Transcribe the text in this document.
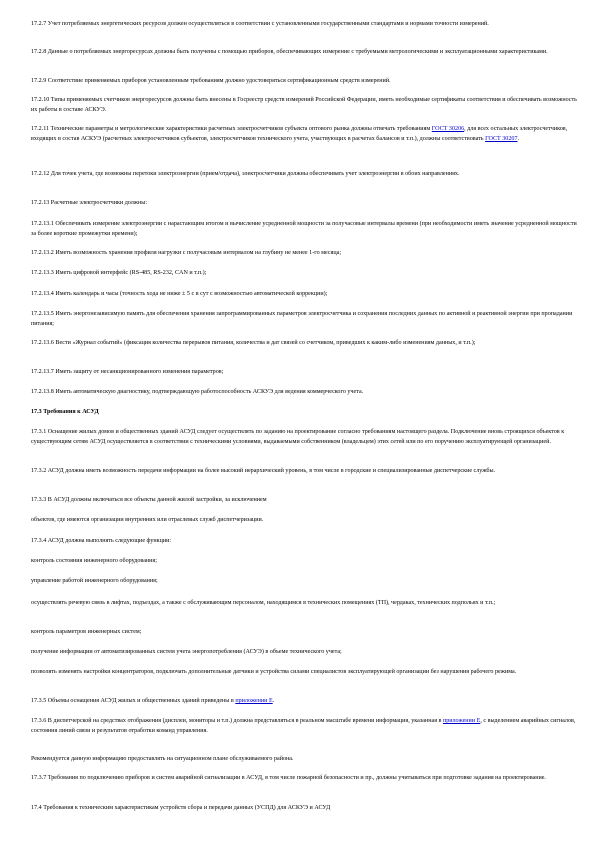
17.2.7 Учет потребляемых энергетических ресурсов должен осуществляться в соответствии с установленными государственными стандартами и нормами точности измерений.

17.2.8 Данные о потребляемых энергоресурсах должны быть получены с помощью приборов, обеспечивающих измерение с требуемыми метрологическими и эксплуатационными характеристиками.

17.2.9 Соответствие применяемых приборов установленным требованиям должно удостоверяться сертификационным средств измерений.

17.2.10 Типы применяемых счетчиков энергоресурсов должны быть внесены в Госреестр средств измерений Российской Федерации, иметь необходимые сертификаты соответствия и обеспечивать возможность их работы в составе АСКУЭ.

17.2.11 Технические параметры и метрологические характеристики расчетных электросчетчиков субъекта оптового рынка должны отвечать требованиям ГОСТ 30206, для всех остальных электросчетчиков, входящих в состав АСКУЭ (расчетных электросчетчиков субъектов, электросчетчиков технического учета, участвующих в расчетах балансов и т.п.), должны соответствовать ГОСТ 30207.

17.2.12 Для точек учета, где возможны перетоки электроэнергии (прием/отдача), электросчетчики должны обеспечивать учет электроэнергии в обоих направлениях.

17.2.13 Расчетные электросчетчики должны:

17.2.13.1 Обеспечивать измерение электроэнергии с нарастающим итогом и вычисление усредненной мощности за получасовые интервалы времени (при необходимости иметь значение усредненной мощности за более короткие промежутки времени);

17.2.13.2 Иметь возможность хранения профиля нагрузки с получасовым интервалом на глубину не менее 1-го месяца;

17.2.13.3 Иметь цифровой интерфейс (RS-485, RS-232, CAN и т.п.);

17.2.13.4 Иметь календарь и часы (точность хода не ниже ± 5 с в сут с возможностью автоматической коррекции);

17.2.13.5 Иметь энергонезависимую память для обеспечения хранения запрограммированных параметров электросчетчика и сохранения последних данных по активной и реактивной энергии при пропадании питания;

17.2.13.6 Вести «Журнал событий» (фиксация количества перерывов питания, количества и дат связей со счетчиком, приведших к каким-либо изменениям данных, и т.п.);

17.2.13.7 Иметь защиту от несанкционированного изменения параметров;

17.2.13.8 Иметь автоматическую диагностику, подтверждающую работоспособность АСКУЭ для ведения коммерческого учета.

17.3 Требования к АСУД

17.3.1 Оснащение жилых домов и общественных зданий АСУД следует осуществлять по заданию на проектирование согласно требованиям настоящего раздела. Подключение вновь строящихся объектов к существующим сетям АСУД осуществляется в соответствии с техническими условиями, выдаваемыми собственником (владельцем) этих сетей или по его поручению эксплуатирующей организацией.

17.3.2 АСУД должна иметь возможность передачи информации на более высокий иерархический уровень, в том числе в городские и специализированные диспетчерские службы.

17.3.3 В АСУД должны включаться все объекты данной жилой застройки, за исключением

объектов, где имеются организации внутренних или отраслевых служб диспетчеризации.

17.3.4 АСУД должна выполнять следующие функции:

контроль состояния инженерного оборудования;

управление работой инженерного оборудования;

осуществлять речевую связь в лифтах, подъездах, а также с обслуживающим персоналом, находящимся в технических помещениях (ТП), чердаках, технических подпольях и т.п.;

контроль параметров инженерных систем;

получение информации от автоматизированных систем учета энергопотребления (АСУЭ) в объеме технического учета;

позволять изменять настройки концентраторов, подключать дополнительные датчики и устройства силами специалистов эксплуатирующей организации без нарушения рабочего режима.

17.3.5 Объемы оснащения АСУД жилых и общественных зданий приведены в приложении Е.

17.3.6 В диспетчерской на средствах отображения (дисплеи, мониторы и т.п.) должна представляться в реальном масштабе времени информация, указанная в приложении Е, с выделением аварийных сигналов, состояния линий связи и результатов отработки команд управления.

Рекомендуется данную информацию предоставлять на ситуационном плане обслуживаемого района.

17.3.7 Требования по подключению приборов и систем аварийной сигнализации в АСУД, в том числе пожарной безопасности и пр., должны учитываться при подготовке задания на проектирование.

17.4 Требования к техническим характеристикам устройств сбора и передачи данных (УСПД) для АСКУЭ и АСУД
